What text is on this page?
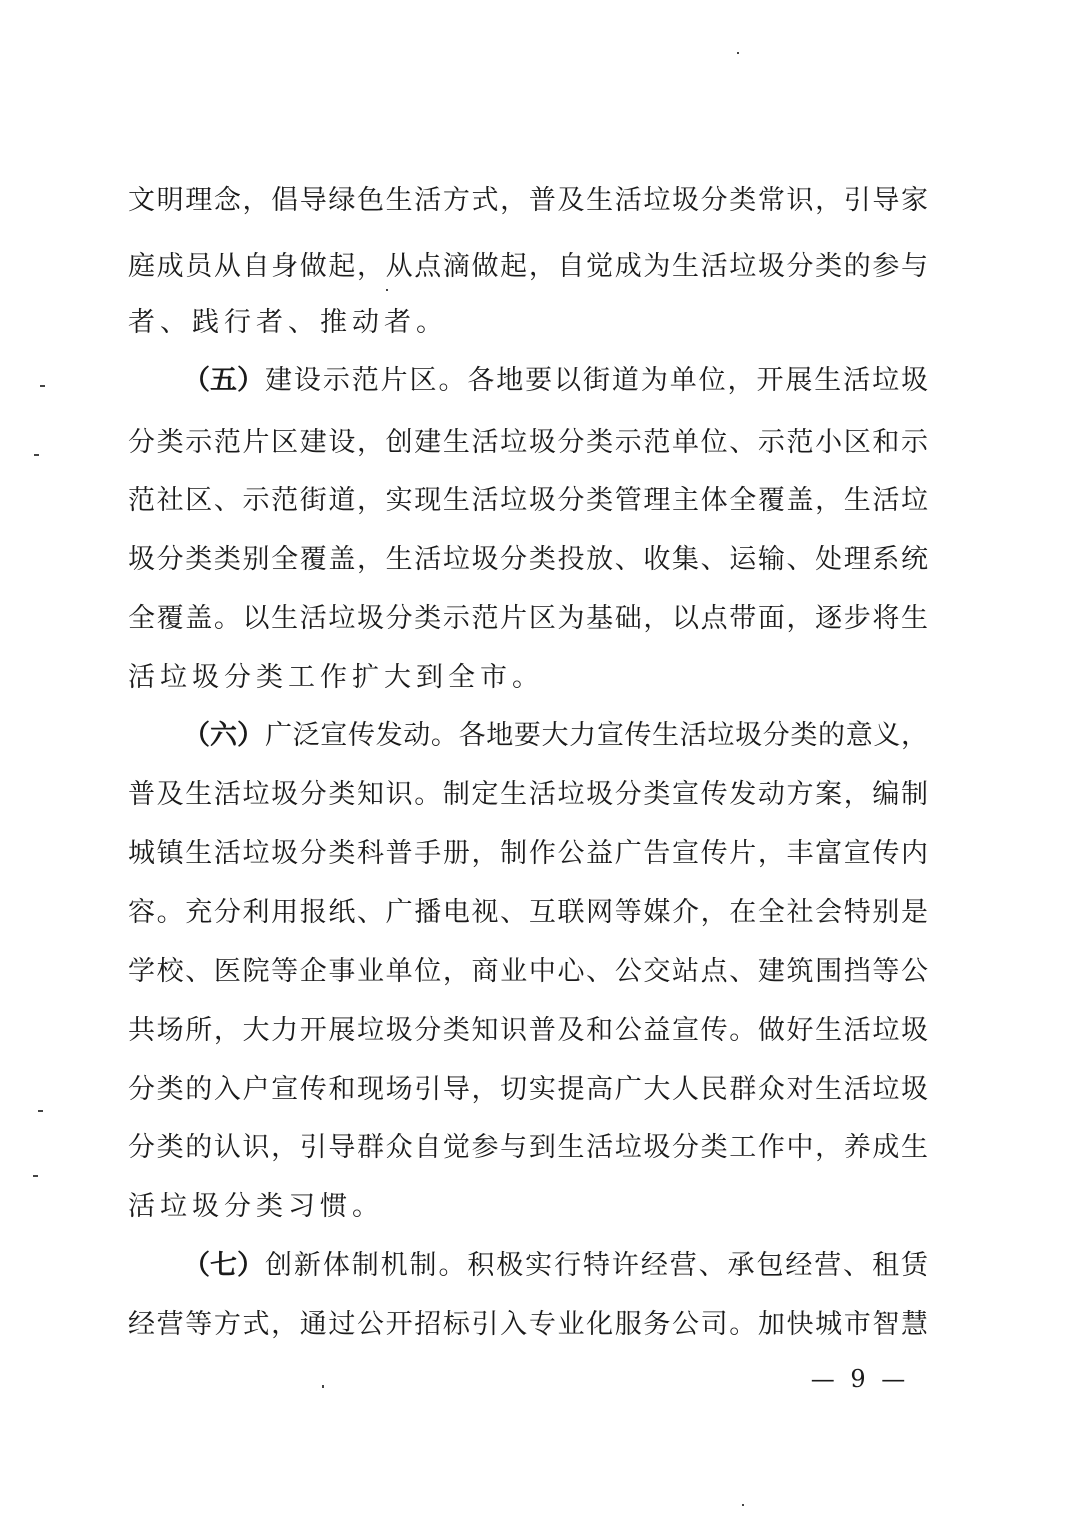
文明理念，倡导绿色生活方式，普及生活垃圾分类常识，引导家
庭成员从自身做起，从点滴做起，自觉成为生活垃圾分类的参与
者、践行者、推动者。
（五） 建设示范片区。各地要以街道为单位，开展生活垃圾
分类示范片区建设，创建生活垃圾分类示范单位、示范小区和示
范社区、示范街道，实现生活垃圾分类管理主体全覆盖，生活垃
圾分类类别全覆盖，生活垃圾分类投放、收集、运输、处理系统
全覆盖。以生活垃圾分类示范片区为基础，以点带面，逐步将生
活垃圾分类工作扩大到全市。
（六） 广泛宣传发动。各地要大力宣传生活垃圾分类的意义，
普及生活垃圾分类知识。制定生活垃圾分类宣传发动方案，编制
城镇生活垃圾分类科普手册，制作公益广告宣传片，丰富宣传内
容。充分利用报纸、广播电视、互联网等媒介，在全社会特别是
学校、医院等企事业单位，商业中心、公交站点、建筑围挡等公
共场所，大力开展垃圾分类知识普及和公益宣传。做好生活垃圾
分类的入户宣传和现场引导，切实提高广大人民群众对生活垃圾
分类的认识，引导群众自觉参与到生活垃圾分类工作中，养成生
活垃圾分类习惯。
（七） 创新体制机制。积极实行特许经营、承包经营、租赁
经营等方式，通过公开招标引入专业化服务公司。加快城市智慧
— 9 —
